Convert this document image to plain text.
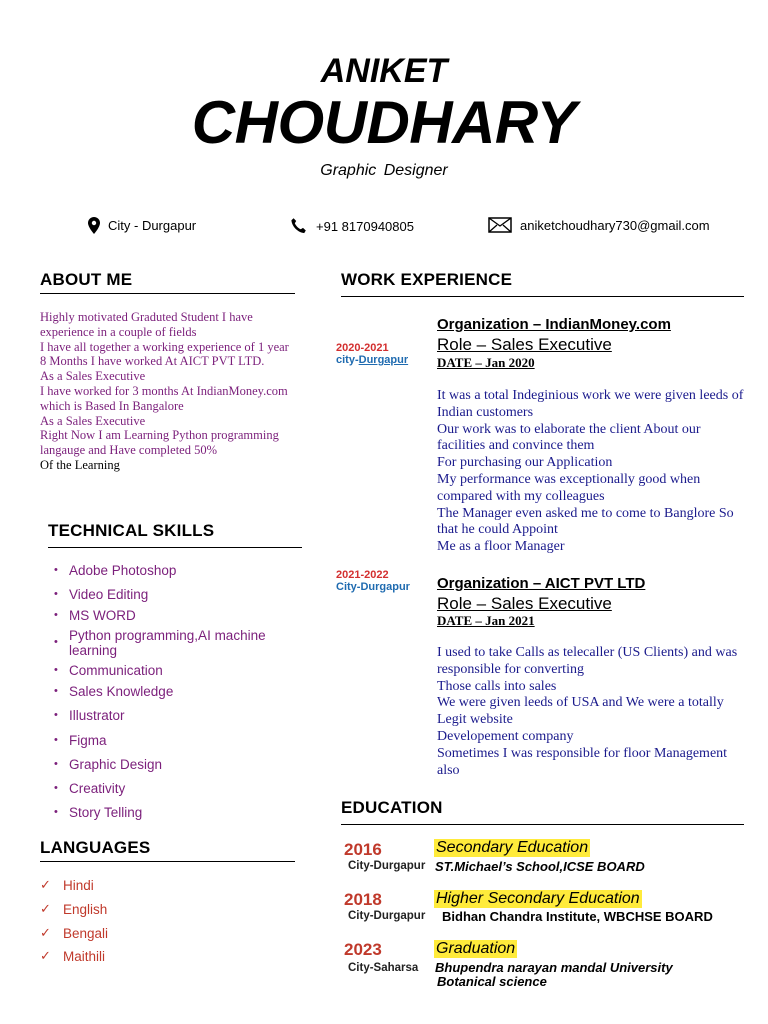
ANIKET
CHOUDHARY
Graphic Designer
City - Durgapur	+91 8170940805	aniketchoudhary730@gmail.com
ABOUT ME
Highly motivated Graduted Student I have experience in a couple of fields
I have all together a working experience of 1 year
8 Months I have worked At AICT PVT LTD.
As a Sales Executive
I have worked for 3 months At IndianMoney.com which is Based In Bangalore
As a Sales Executive
Right Now I am Learning Python programming langauge and Have completed 50%
Of the Learning
TECHNICAL SKILLS
• Adobe Photoshop
• Video Editing
• MS WORD
• Python programming,AI machine learning
• Communication
• Sales Knowledge
• Illustrator
• Figma
• Graphic Design
• Creativity
• Story Telling
LANGUAGES
✓ Hindi
✓ English
✓ Bengali
✓ Maithili
WORK EXPERIENCE
2020-2021
city-Durgapur
Organization – IndianMoney.com
Role – Sales Executive
DATE – Jan 2020
It was a total Indeginious work we were given leeds of Indian customers
Our work was to elaborate the client About our facilities and convince them
For purchasing our Application
My performance was exceptionally good when compared with my colleagues
The Manager even asked me to come to Banglore So that he could Appoint
Me as a floor Manager
2021-2022
City-Durgapur Organization – AICT PVT LTD
Role – Sales Executive
DATE – Jan 2021
I used to take Calls as telecaller (US Clients) and was responsible for converting
Those calls into sales
We were given leeds of USA and We were a totally Legit website
Developement company
Sometimes I was responsible for floor Management also
EDUCATION
2016
City-Durgapur
Secondary Education
ST.Michael’s School,ICSE BOARD
2018
City-Durgapur
Higher Secondary Education
Bidhan Chandra Institute, WBCHSE BOARD
2023
City-Saharsa
Graduation
Bhupendra narayan mandal University
Botanical science
